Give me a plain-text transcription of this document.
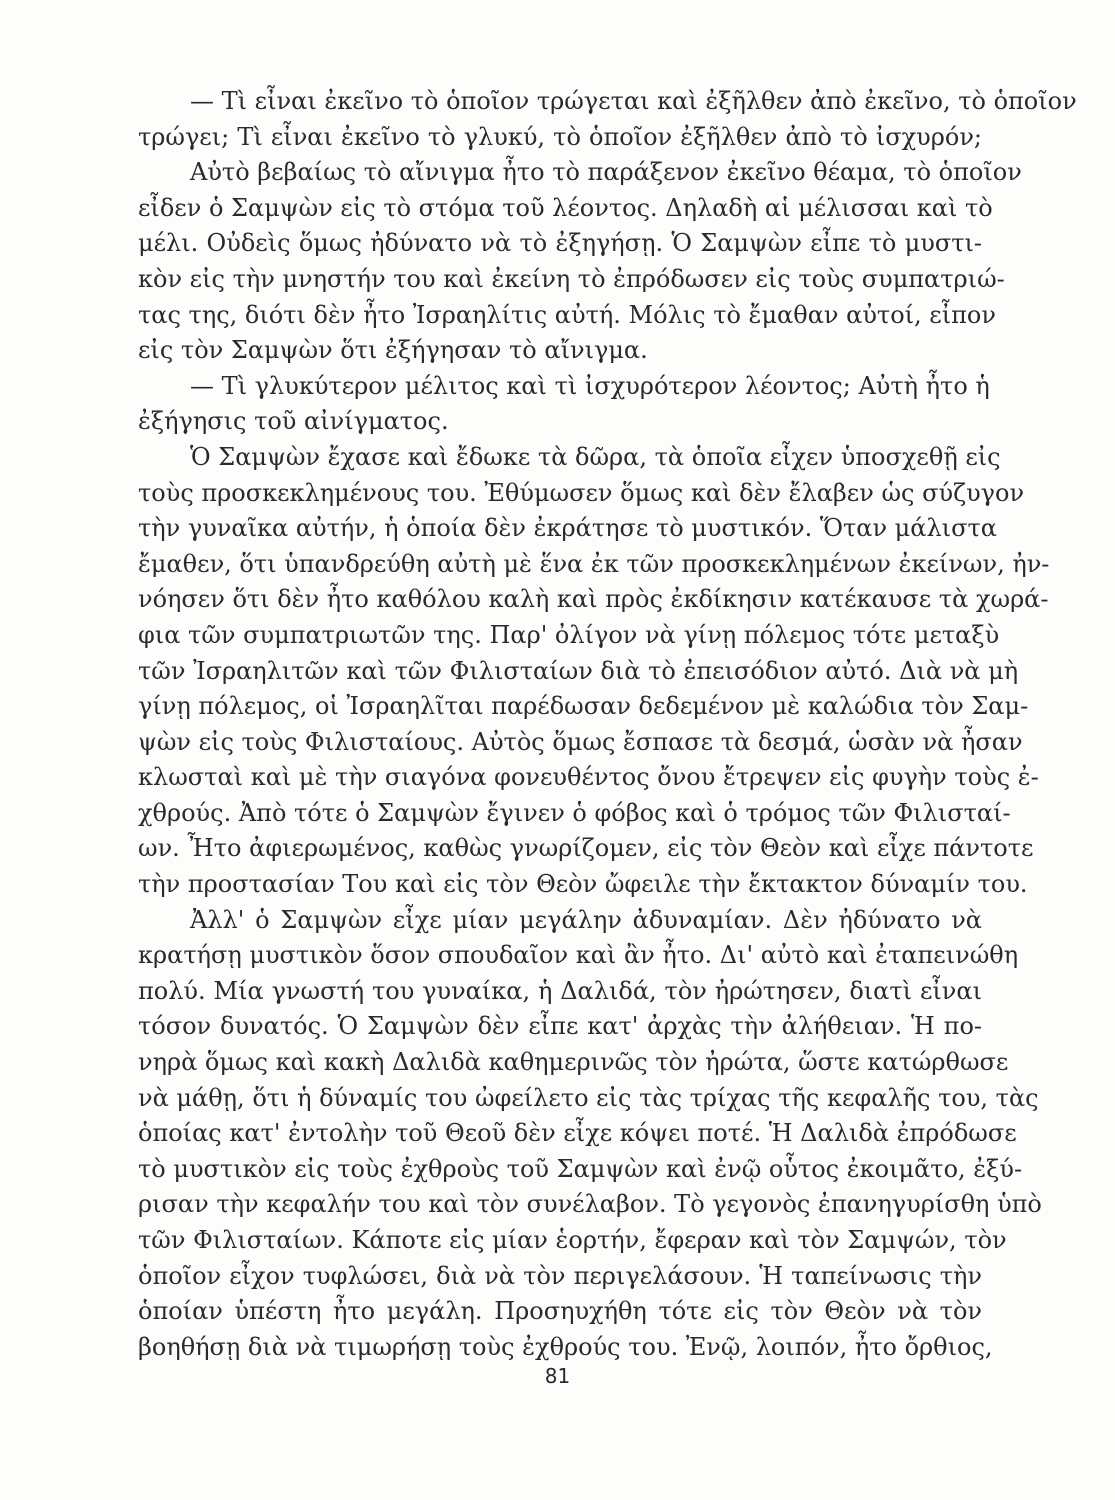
— Τὶ εἶναι ἐκεῖνο τὸ ὁποῖον τρώγεται καὶ ἐξῆλθεν ἀπὸ ἐκεῖνο, τὸ ὁποῖον
τρώγει; Τὶ εἶναι ἐκεῖνο τὸ γλυκύ, τὸ ὁποῖον ἐξῆλθεν ἀπὸ τὸ ἰσχυρόν;
Αὐτὸ βεβαίως τὸ αἴνιγμα ἦτο τὸ παράξενον ἐκεῖνο θέαμα, τὸ ὁποῖον
εἶδεν ὁ Σαμψὼν εἰς τὸ στόμα τοῦ λέοντος. Δηλαδὴ αἱ μέλισσαι καὶ τὸ
μέλι. Οὐδεὶς ὅμως ἠδύνατο νὰ τὸ ἐξηγήσῃ. Ὁ Σαμψὼν εἶπε τὸ μυστι-
κὸν εἰς τὴν μνηστήν του καὶ ἐκείνη τὸ ἐπρόδωσεν εἰς τοὺς συμπατριώ-
τας της, διότι δὲν ἦτο Ἰσραηλίτις αὐτή. Μόλις τὸ ἔμαθαν αὐτοί, εἶπον
εἰς τὸν Σαμψὼν ὅτι ἐξήγησαν τὸ αἴνιγμα.
— Τὶ γλυκύτερον μέλιτος καὶ τὶ ἰσχυρότερον λέοντος; Αὐτὴ ἦτο ἡ
ἐξήγησις τοῦ αἰνίγματος.
Ὁ Σαμψὼν ἔχασε καὶ ἔδωκε τὰ δῶρα, τὰ ὁποῖα εἶχεν ὑποσχεθῇ εἰς
τοὺς προσκεκλημένους του. Ἐθύμωσεν ὅμως καὶ δὲν ἔλαβεν ὡς σύζυγον
τὴν γυναῖκα αὐτήν, ἡ ὁποία δὲν ἐκράτησε τὸ μυστικόν. Ὅταν μάλιστα
ἔμαθεν, ὅτι ὑπανδρεύθη αὐτὴ μὲ ἕνα ἐκ τῶν προσκεκλημένων ἐκείνων, ἠν-
νόησεν ὅτι δὲν ἦτο καθόλου καλὴ καὶ πρὸς ἐκδίκησιν κατέκαυσε τὰ χωρά-
φια τῶν συμπατριωτῶν της. Παρ' ὀλίγον νὰ γίνῃ πόλεμος τότε μεταξὺ
τῶν Ἰσραηλιτῶν καὶ τῶν Φιλισταίων διὰ τὸ ἐπεισόδιον αὐτό. Διὰ νὰ μὴ
γίνῃ πόλεμος, οἱ Ἰσραηλῖται παρέδωσαν δεδεμένον μὲ καλώδια τὸν Σαμ-
ψὼν εἰς τοὺς Φιλισταίους. Αὐτὸς ὅμως ἔσπασε τὰ δεσμά, ὡσὰν νὰ ἦσαν
κλωσταὶ καὶ μὲ τὴν σιαγόνα φονευθέντος ὄνου ἔτρεψεν εἰς φυγὴν τοὺς ἐ-
χθρούς. Ἀπὸ τότε ὁ Σαμψὼν ἔγινεν ὁ φόβος καὶ ὁ τρόμος τῶν Φιλισταί-
ων. Ἦτο ἀφιερωμένος, καθὼς γνωρίζομεν, εἰς τὸν Θεὸν καὶ εἶχε πάντοτε
τὴν προστασίαν Του καὶ εἰς τὸν Θεὸν ὤφειλε τὴν ἔκτακτον δύναμίν του.
Ἀλλ' ὁ Σαμψὼν εἶχε μίαν μεγάλην ἀδυναμίαν. Δὲν ἠδύνατο νὰ
κρατήσῃ μυστικὸν ὅσον σπουδαῖον καὶ ἂν ἦτο. Δι' αὐτὸ καὶ ἐταπεινώθη
πολύ. Μία γνωστή του γυναίκα, ἡ Δαλιδά, τὸν ἠρώτησεν, διατὶ εἶναι
τόσον δυνατός. Ὁ Σαμψὼν δὲν εἶπε κατ' ἀρχὰς τὴν ἀλήθειαν. Ἡ πο-
νηρὰ ὅμως καὶ κακὴ Δαλιδὰ καθημερινῶς τὸν ἠρώτα, ὥστε κατώρθωσε
νὰ μάθῃ, ὅτι ἡ δύναμίς του ὠφείλετο εἰς τὰς τρίχας τῆς κεφαλῆς του, τὰς
ὁποίας κατ' ἐντολὴν τοῦ Θεοῦ δὲν εἶχε κόψει ποτέ. Ἡ Δαλιδὰ ἐπρόδωσε
τὸ μυστικὸν εἰς τοὺς ἐχθροὺς τοῦ Σαμψὼν καὶ ἐνῷ οὗτος ἐκοιμᾶτο, ἐξύ-
ρισαν τὴν κεφαλήν του καὶ τὸν συνέλαβον. Τὸ γεγονὸς ἐπανηγυρίσθη ὑπὸ
τῶν Φιλισταίων. Κάποτε εἰς μίαν ἑορτήν, ἔφεραν καὶ τὸν Σαμψών, τὸν
ὁποῖον εἶχον τυφλώσει, διὰ νὰ τὸν περιγελάσουν. Ἡ ταπείνωσις τὴν
ὁποίαν ὑπέστη ἦτο μεγάλη. Προσηυχήθη τότε εἰς τὸν Θεὸν νὰ τὸν
βοηθήσῃ διὰ νὰ τιμωρήσῃ τοὺς ἐχθρούς του. Ἐνῷ, λοιπόν, ἦτο ὄρθιος,
81
